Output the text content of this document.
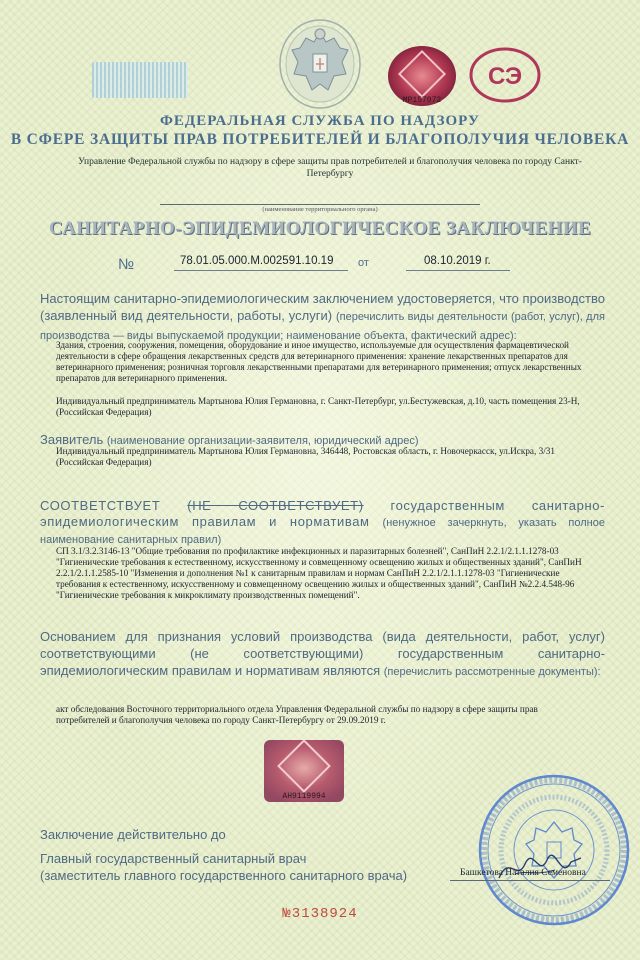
МР157072
СЭ
ФЕДЕРАЛЬНАЯ СЛУЖБА ПО НАДЗОРУ
В СФЕРЕ ЗАЩИТЫ ПРАВ ПОТРЕБИТЕЛЕЙ И БЛАГОПОЛУЧИЯ ЧЕЛОВЕКА
Управление Федеральной службы по надзору в сфере защиты прав потребителей и благополучия человека по городу Санкт-Петербургу
(наименование территориального органа)
САНИТАРНО-ЭПИДЕМИОЛОГИЧЕСКОЕ ЗАКЛЮЧЕНИЕ
№	78.01.05.000.М.002591.10.19 от	08.10.2019 г.
Настоящим санитарно-эпидемиологическим заключением удостоверяется, что производство (заявленный вид деятельности, работы, услуги) (перечислить виды деятельности (работ, услуг), для производства — виды выпускаемой продукции; наименование объекта, фактический адрес):
Здания, строения, сооружения, помещения, оборудование и иное имущество, используемые для осуществления фармацевтической деятельности в сфере обращения лекарственных средств для ветеринарного применения: хранение лекарственных препаратов для ветеринарного применения; розничная торговля лекарственными препаратами для ветеринарного применения; отпуск лекарственных препаратов для ветеринарного применения.
Индивидуальный предприниматель Мартынова Юлия Германовна, г. Санкт-Петербург, ул.Бестужевская, д.10, часть помещения 23-Н, (Российская Федерация)
Заявитель (наименование организации-заявителя, юридический адрес)
Индивидуальный предприниматель Мартынова Юлия Германовна, 346448, Ростовская область, г. Новочеркасск, ул.Искра, 3/31 (Российская Федерация)
СООТВЕТСТВУЕТ (НЕ СООТВЕТСТВУЕТ) государственным санитарно-эпидемиологическим правилам и нормативам (ненужное зачеркнуть, указать полное наименование санитарных правил)
СП 3.1/3.2.3146-13 "Общие требования по профилактике инфекционных и паразитарных болезней", СанПиН 2.2.1/2.1.1.1278-03 "Гигиенические требования к естественному, искусственному и совмещенному освещению жилых и общественных зданий", СанПиН 2.2.1/2.1.1.2585-10 "Изменения и дополнения №1 к санитарным правилам и нормам СанПиН 2.2.1/2.1.1.1278-03 "Гигиенические требования к естественному, искусственному и совмещенному освещению жилых и общественных зданий", СанПиН №2.2.4.548-96 "Гигиенические требования к микроклимату производственных помещений".
Основанием для признания условий производства (вида деятельности, работ, услуг) соответствующими (не соответствующими) государственным санитарно-эпидемиологическим правилам и нормативам являются (перечислить рассмотренные документы):
акт обследования Восточного территориального отдела Управления Федеральной службы по надзору в сфере защиты прав потребителей и благополучия человека по городу Санкт-Петербургу от 29.09.2019 г.
АН9119994
Заключение действительно до
Главный государственный санитарный врач
(заместитель главного государственного санитарного врача)	Башкетова Наталия Семеновна
№3138924
